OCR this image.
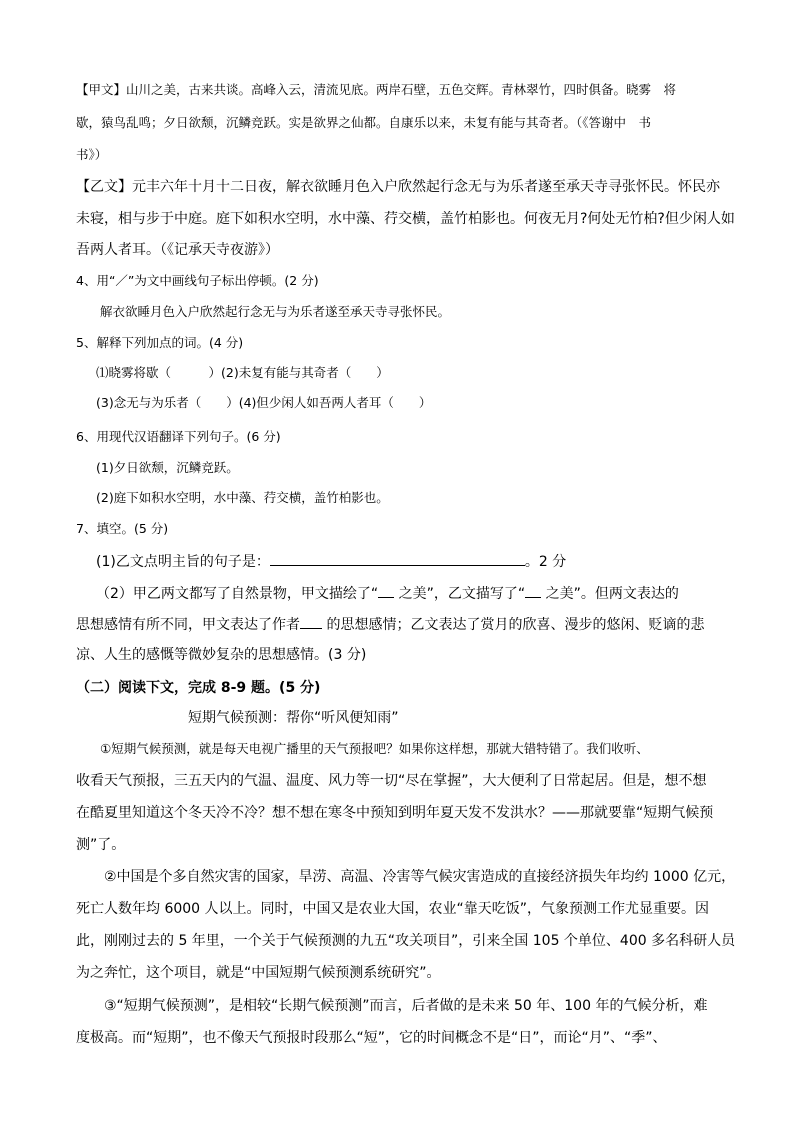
【甲文】山川之美，古来共谈。高峰入云，清流见底。两岸石壁，五色交辉。青林翠竹，四时俱备。晓雾　将
歇，猿鸟乱鸣；夕日欲颓，沉鳞竞跃。实是欲界之仙都。自康乐以来，未复有能与其奇者。（《答谢中　书
书》）
【乙文】元丰六年十月十二日夜，解衣欲睡月色入户欣然起行念无与为乐者遂至承天寺寻张怀民。怀民亦
未寝，相与步于中庭。庭下如积水空明，水中藻、荇交横，盖竹柏影也。何夜无月?何处无竹柏?但少闲人如
吾两人者耳。（《记承天寺夜游》）
4、用“／”为文中画线句子标出停顿。(2 分)
解衣欲睡月色入户欣然起行念无与为乐者遂至承天寺寻张怀民。
5、解释下列加点的词。(4 分)
⑴晓雾将歇（　　　）(2)未复有能与其奇者（　　）
(3)念无与为乐者（　　）(4)但少闲人如吾两人者耳（　　）
6、用现代汉语翻译下列句子。(6 分)
(1)夕日欲颓，沉鳞竞跃。
(2)庭下如积水空明，水中藻、荇交横，盖竹柏影也。
7、填空。(5 分)
(1)乙文点明主旨的句子是：	。2 分
（2）甲乙两文都写了自然景物，甲文描绘了“ 之美”，乙文描写了“ 之美”。但两文表达的
思想感情有所不同，甲文表达了作者 的思想感情；乙文表达了赏月的欣喜、漫步的悠闲、贬谪的悲
凉、人生的感慨等微妙复杂的思想感情。(3 分)
（二）阅读下文，完成 8-9 题。(5 分)
短期气候预测：帮你“听风便知雨”
①短期气候预测，就是每天电视广播里的天气预报吧？如果你这样想，那就大错特错了。我们收听、
收看天气预报，三五天内的气温、温度、风力等一切“尽在掌握”，大大便利了日常起居。但是，想不想
在酷夏里知道这个冬天冷不冷？想不想在寒冬中预知到明年夏天发不发洪水？——那就要靠“短期气候预
测”了。
②中国是个多自然灾害的国家，旱涝、高温、冷害等气候灾害造成的直接经济损失年均约 1000 亿元，
死亡人数年均 6000 人以上。同时，中国又是农业大国，农业“靠天吃饭”，气象预测工作尤显重要。因
此，刚刚过去的 5 年里，一个关于气候预测的九五“攻关项目”，引来全国 105 个单位、400 多名科研人员
为之奔忙，这个项目，就是“中国短期气候预测系统研究”。
③“短期气候预测”，是相较“长期气候预测”而言，后者做的是未来 50 年、100 年的气候分析，难
度极高。而“短期”，也不像天气预报时段那么“短”，它的时间概念不是“日”，而论“月”、“季”、
